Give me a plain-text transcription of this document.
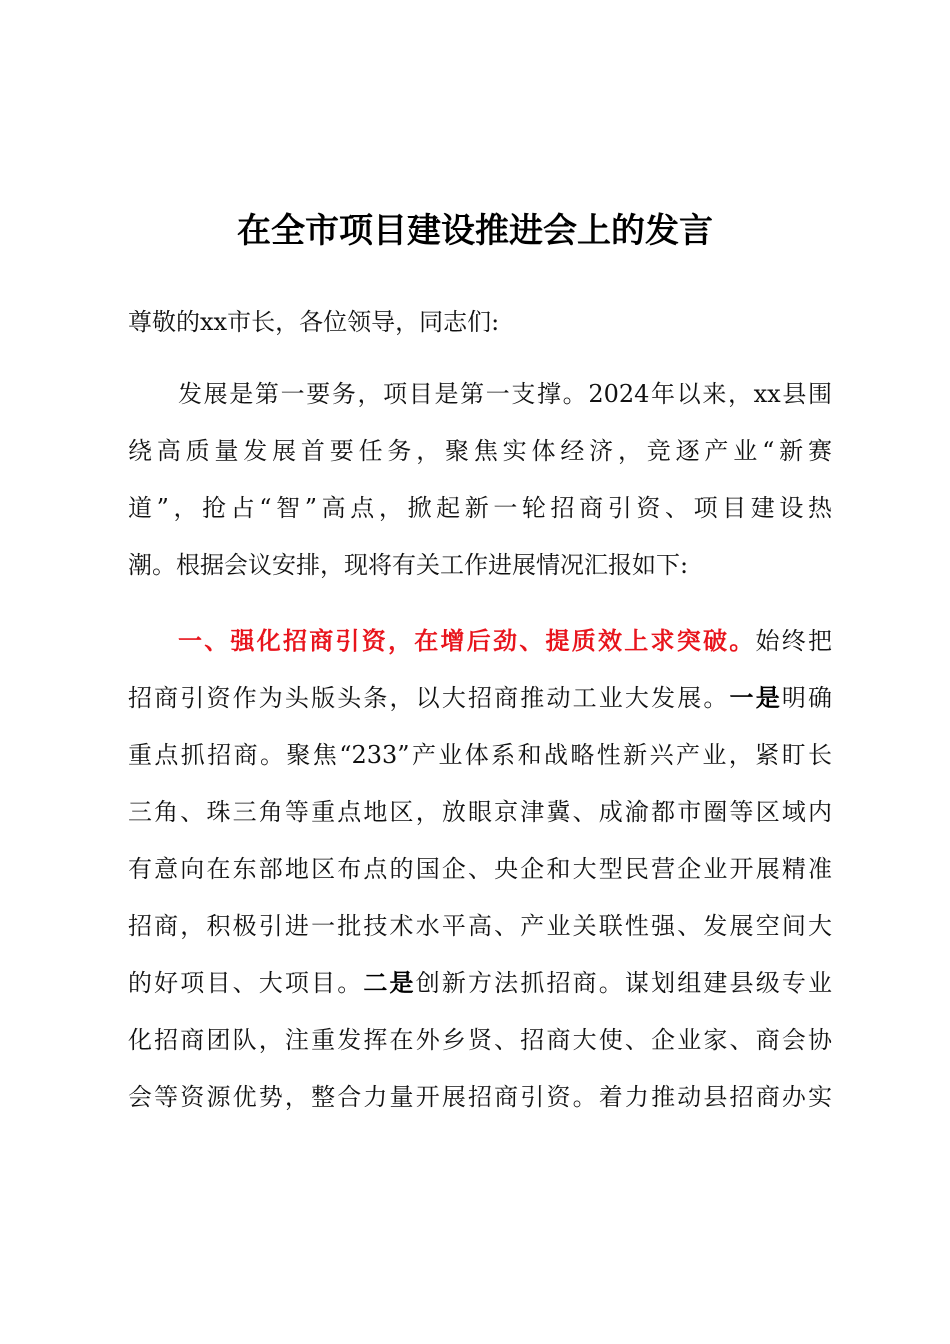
在全市项目建设推进会上的发言
尊敬的xx市长，各位领导，同志们:
发展是第一要务，项目是第一支撑。2024年以来，xx县围
绕高质量发展首要任务，聚焦实体经济，竞逐产业“新赛
道”，抢占“智”高点，掀起新一轮招商引资、项目建设热
潮。根据会议安排，现将有关工作进展情况汇报如下:
一、强化招商引资，在增后劲、提质效上求突破。始终把
招商引资作为头版头条，以大招商推动工业大发展。一是明确
重点抓招商。聚焦“233”产业体系和战略性新兴产业，紧盯长
三角、珠三角等重点地区，放眼京津冀、成渝都市圈等区域内
有意向在东部地区布点的国企、央企和大型民营企业开展精准
招商，积极引进一批技术水平高、产业关联性强、发展空间大
的好项目、大项目。二是创新方法抓招商。谋划组建县级专业
化招商团队，注重发挥在外乡贤、招商大使、企业家、商会协
会等资源优势，整合力量开展招商引资。着力推动县招商办实
